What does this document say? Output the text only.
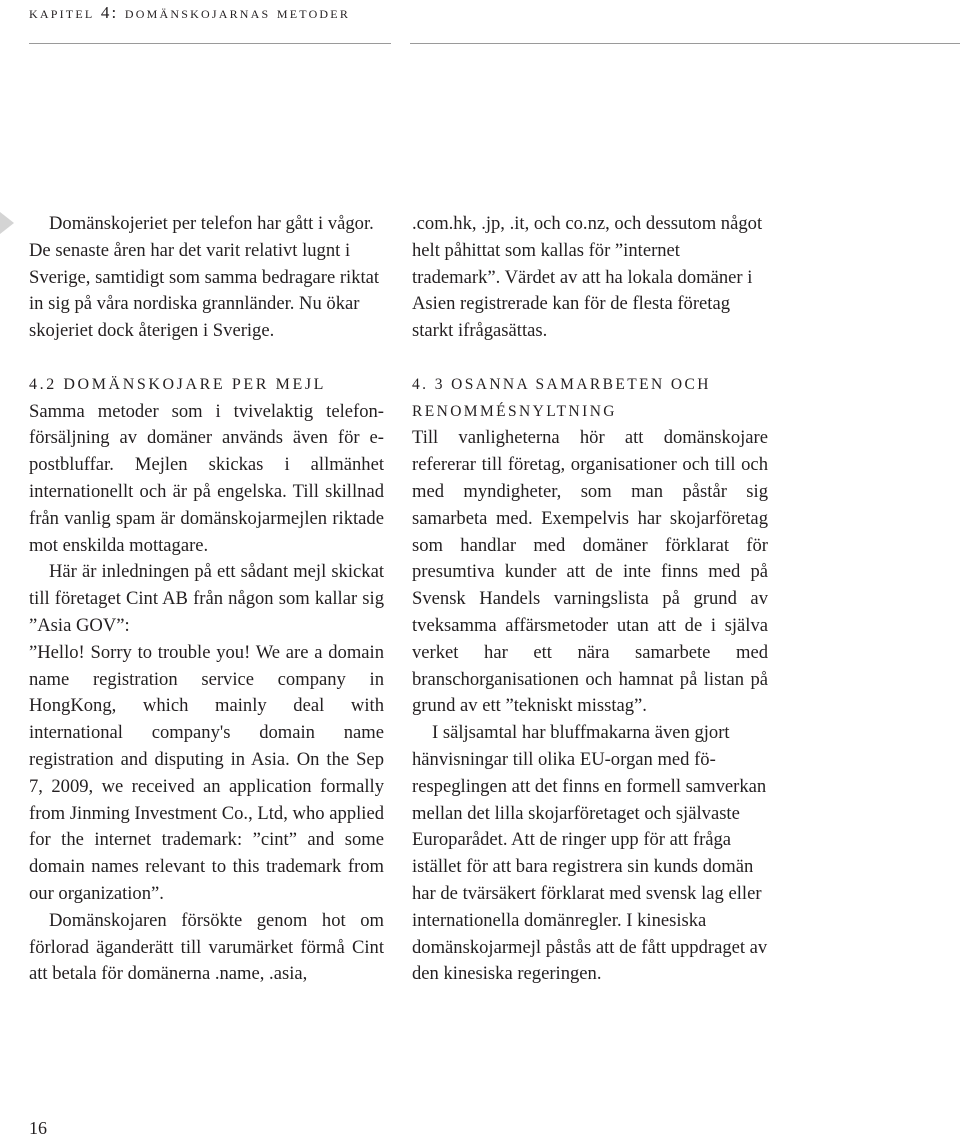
kapitel 4: domänskojarnas metoder

Domänskojeriet per telefon har gått i vågor. De senaste åren har det varit relativt lugnt i Sverige, samtidigt som samma bedragare riktat in sig på våra nordiska grannländer. Nu ökar skojeriet dock återigen i Sverige.

4.2 DOMÄNSKOJARE PER MEJL

Samma metoder som i tvivelaktig telefonförsäljning av domäner används även för e-postbluffar. Mejlen skickas i allmänhet internationellt och är på engelska. Till skillnad från vanlig spam är domänskojarmejlen riktade mot enskilda mottagare.

Här är inledningen på ett sådant mejl skickat till företaget Cint AB från någon som kallar sig ”Asia GOV”:

”Hello! Sorry to trouble you! We are a domain name registration service company in HongKong, which mainly deal with international company's domain name registration and disputing in Asia. On the Sep 7, 2009, we received an application formally from Jinming Investment Co., Ltd, who applied for the internet trademark: ”cint” and some domain names relevant to this trademark from our organization”.

Domänskojaren försökte genom hot om förlorad äganderätt till varumärket förmå Cint att betala för domänerna .name, .asia,

.com.hk, .jp, .it, och co.nz, och dessutom något helt påhittat som kallas för ”internet trademark”. Värdet av att ha lokala domäner i Asien registrerade kan för de flesta företag starkt ifrågasättas.

4. 3 OSANNA SAMARBETEN OCH RENOMMÉSNYLTNING

Till vanligheterna hör att domänskojare refererar till företag, organisationer och till och med myndigheter, som man påstår sig samarbeta med. Exempelvis har skojarföretag som handlar med domäner förklarat för presumtiva kunder att de inte finns med på Svensk Handels varningslista på grund av tveksamma affärsmetoder utan att de i själva verket har ett nära samarbete med branschorganisationen och hamnat på listan på grund av ett ”tekniskt misstag”.

I säljsamtal har bluffmakarna även gjort hänvisningar till olika EU-organ med förespeglingen att det finns en formell samverkan mellan det lilla skojarföretaget och självaste Europarådet. Att de ringer upp för att fråga istället för att bara registrera sin kunds domän har de tvärsäkert förklarat med svensk lag eller internationella domänregler. I kinesiska domänskojarmejl påstås att de fått uppdraget av den kinesiska regeringen.

16
